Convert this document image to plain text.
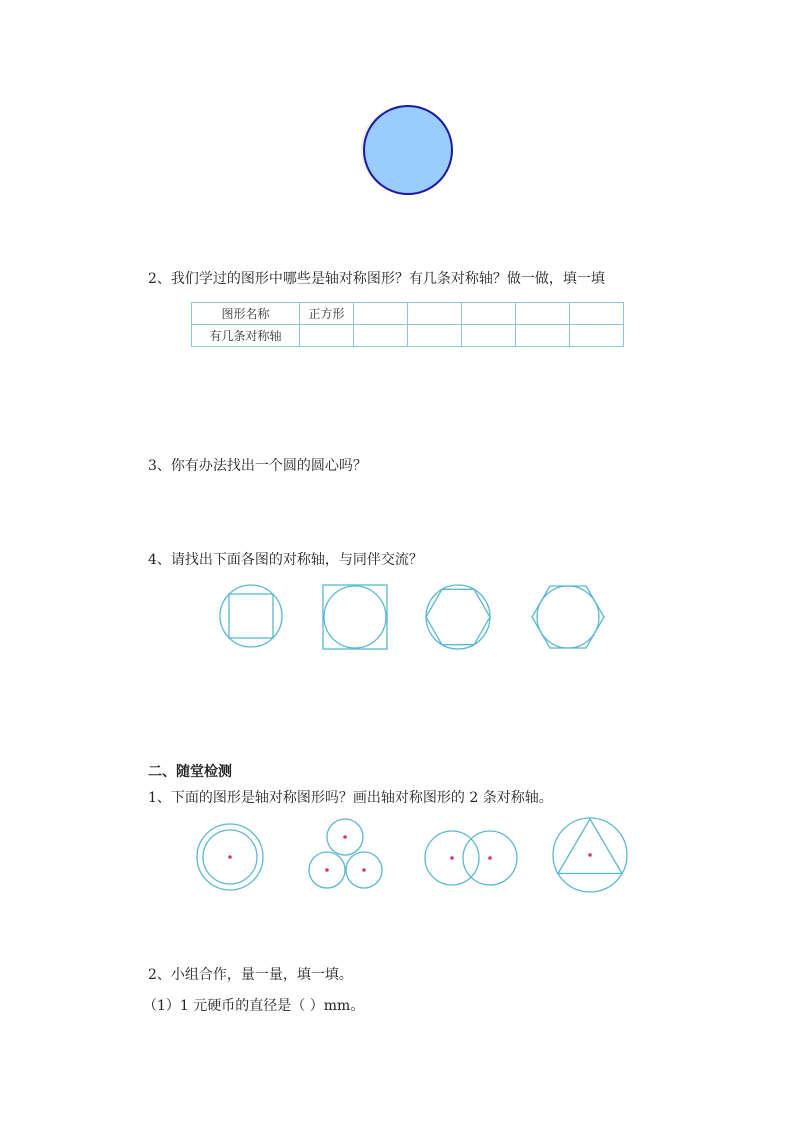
2、我们学过的图形中哪些是轴对称图形？有几条对称轴？做一做，填一填
图形名称	正方形					
有几条对称轴						
3、你有办法找出一个圆的圆心吗？
4、请找出下面各图的对称轴，与同伴交流？
二、随堂检测
1、下面的图形是轴对称图形吗？画出轴对称图形的 2 条对称轴。
2、小组合作，量一量，填一填。
（1）1 元硬币的直径是（ ）mm。
